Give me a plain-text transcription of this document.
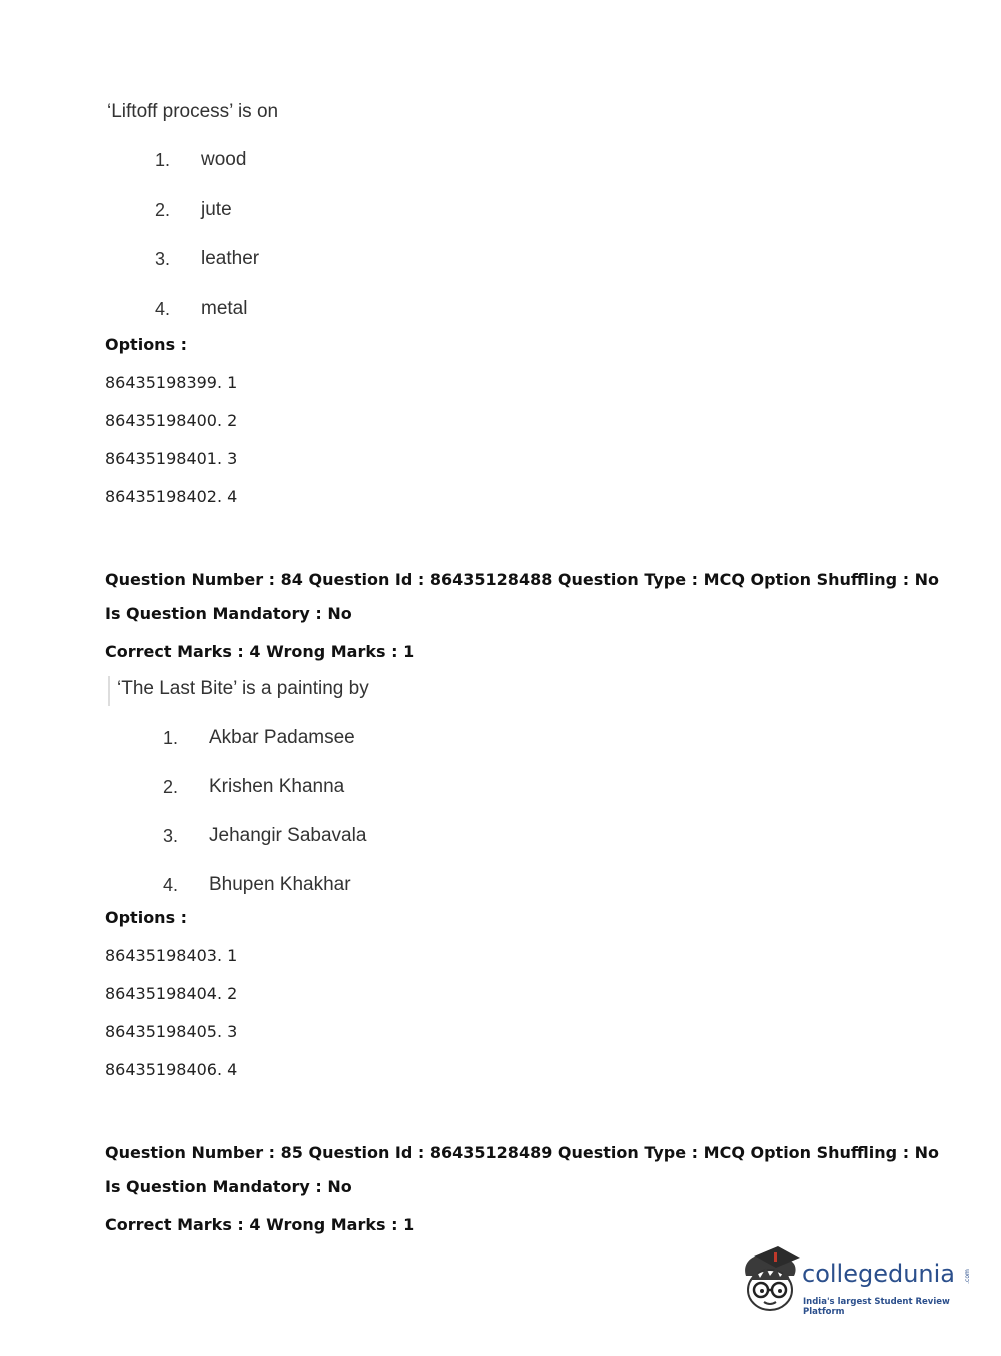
‘Liftoff process’ is on
1. wood
2. jute
3. leather
4. metal
Options :
86435198399. 1
86435198400. 2
86435198401. 3
86435198402. 4
Question Number : 84 Question Id : 86435128488 Question Type : MCQ Option Shuffling : No
Is Question Mandatory : No
Correct Marks : 4 Wrong Marks : 1
‘The Last Bite’ is a painting by
1. Akbar Padamsee
2. Krishen Khanna
3. Jehangir Sabavala
4. Bhupen Khakhar
Options :
86435198403. 1
86435198404. 2
86435198405. 3
86435198406. 4
Question Number : 85 Question Id : 86435128489 Question Type : MCQ Option Shuffling : No
Is Question Mandatory : No
Correct Marks : 4 Wrong Marks : 1
collegedunia .com
India's largest Student Review Platform
